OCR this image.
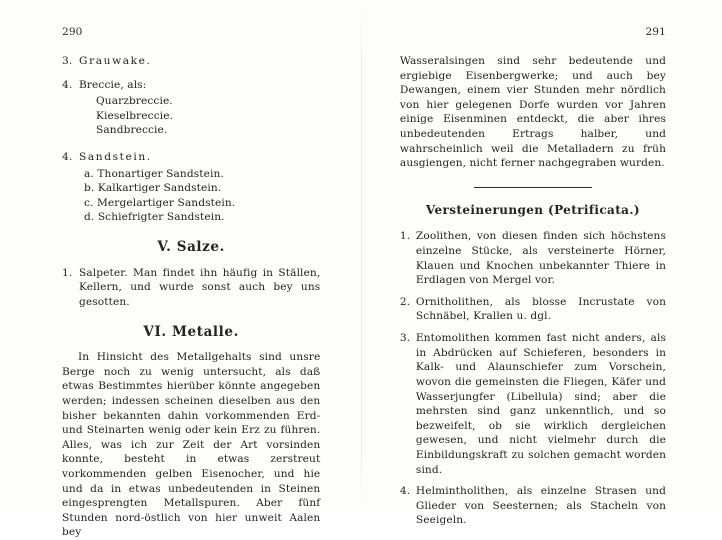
290
3. Grauwake.
4. Breccie, als:
Quarzbreccie.
Kieselbreccie.
Sandbreccie.
4. Sandstein.
a. Thonartiger Sandstein.
b. Kalkartiger Sandstein.
c. Mergelartiger Sandstein.
d. Schiefrigter Sandstein.
V. Salze.
1. Salpeter. Man findet ihn häufig in Ställen, Kellern, und wurde sonst auch bey uns gesotten.
VI. Metalle.

In Hinsicht des Metallgehalts sind unsre Berge noch zu wenig untersucht, als daß etwas Bestimmtes hierüber könnte angegeben werden; indessen scheinen dieselben aus den bisher bekannten dahin vorkommenden Erd- und Steinarten wenig oder kein Erz zu führen. Alles, was ich zur Zeit der Art vorsinden konnte, besteht in etwas zerstreut vorkommenden gelben Eisenocher, und hie und da in etwas unbedeutenden in Steinen eingesprengten Metallspuren. Aber fünf Stunden nord-östlich von hier unweit Aalen bey

291

Wasseralsingen sind sehr bedeutende und ergiebige Eisenbergwerke; und auch bey Dewangen, einem vier Stunden mehr nördlich von hier gelegenen Dorfe wurden vor Jahren einige Eisenminen entdeckt, die aber ihres unbedeutenden Ertrags halber, und wahrscheinlich weil die Metalladern zu früh ausgiengen, nicht ferner nachgegraben wurden.

Versteinerungen (Petrificata.)
1. Zoolithen, von diesen finden sich höchstens einzelne Stücke, als versteinerte Hörner, Klauen und Knochen unbekannter Thiere in Erdlagen von Mergel vor.
2. Ornitholithen, als blosse Incrustate von Schnäbel, Krallen u. dgl.
3. Entomolithen kommen fast nicht anders, als in Abdrücken auf Schieferen, besonders in Kalk- und Alaunschiefer zum Vorschein, wovon die gemeinsten die Fliegen, Käfer und Wasserjungfer (Libellula) sind; aber die mehrsten sind ganz unkenntlich, und so bezweifelt, ob sie wirklich dergleichen gewesen, und nicht vielmehr durch die Einbildungskraft zu solchen gemacht worden sind.
4. Helmintholithen, als einzelne Strasen und Glieder von Seesternen; als Stacheln von Seeigeln.
